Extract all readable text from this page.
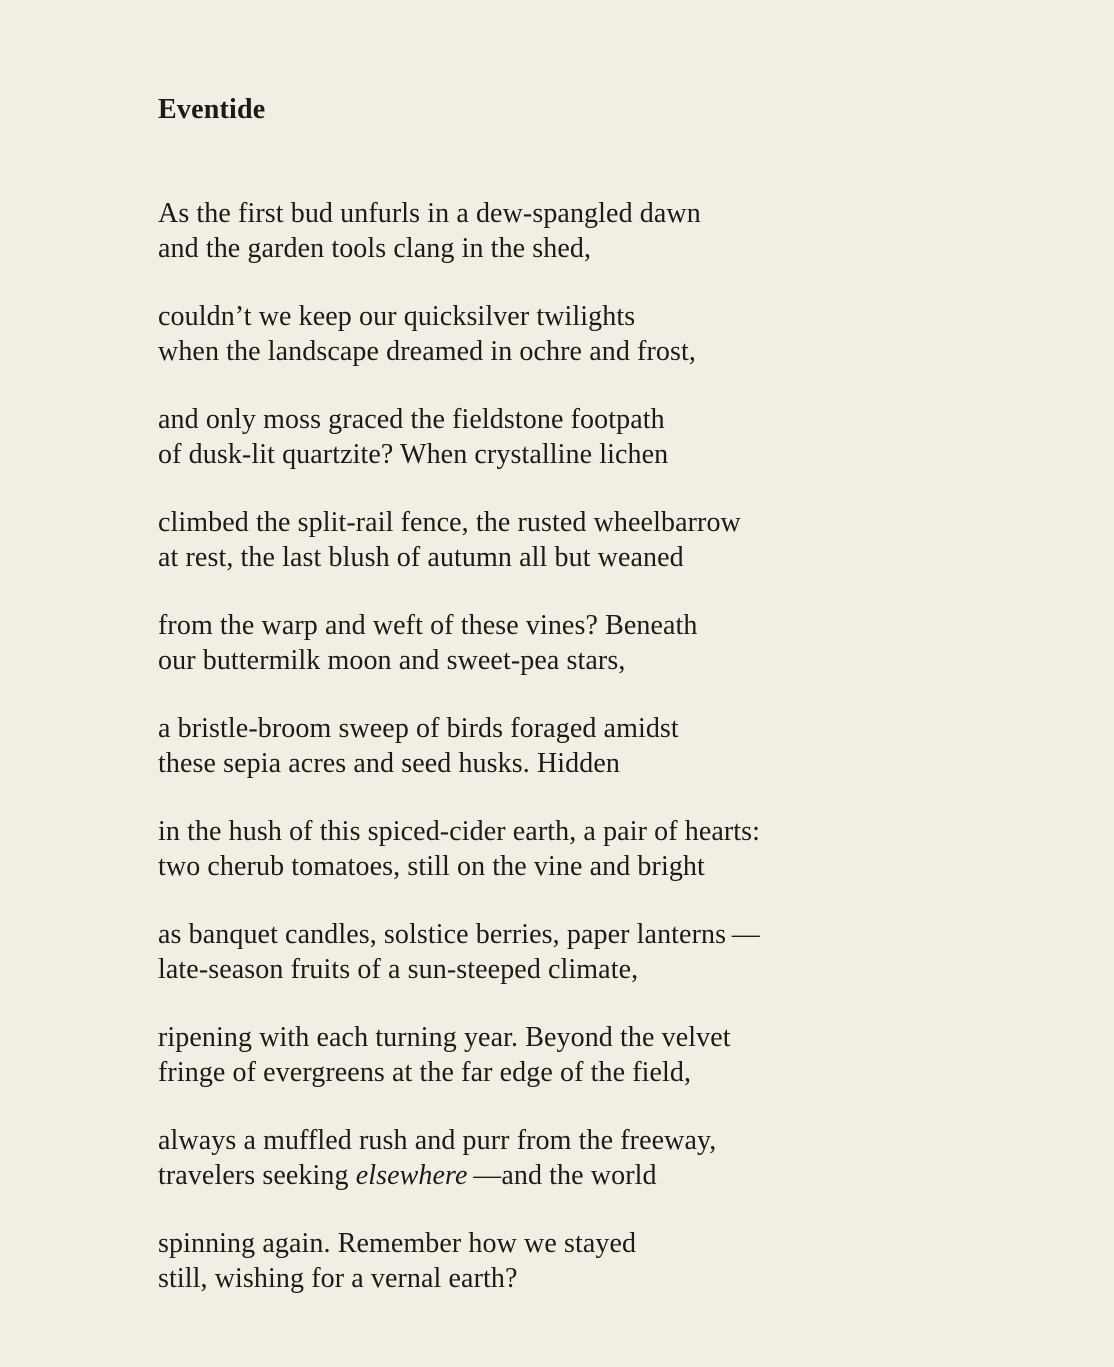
Eventide
As the first bud unfurls in a dew-spangled dawn
and the garden tools clang in the shed,
couldn’t we keep our quicksilver twilights
when the landscape dreamed in ochre and frost,
and only moss graced the fieldstone footpath
of dusk-lit quartzite? When crystalline lichen
climbed the split-rail fence, the rusted wheelbarrow
at rest, the last blush of autumn all but weaned
from the warp and weft of these vines? Beneath
our buttermilk moon and sweet-pea stars,
a bristle-broom sweep of birds foraged amidst
these sepia acres and seed husks. Hidden
in the hush of this spiced-cider earth, a pair of hearts:
two cherub tomatoes, still on the vine and bright
as banquet candles, solstice berries, paper lanterns —
late-season fruits of a sun-steeped climate,
ripening with each turning year. Beyond the velvet
fringe of evergreens at the far edge of the field,
always a muffled rush and purr from the freeway,
travelers seeking elsewhere —and the world
spinning again. Remember how we stayed
still, wishing for a vernal earth?
